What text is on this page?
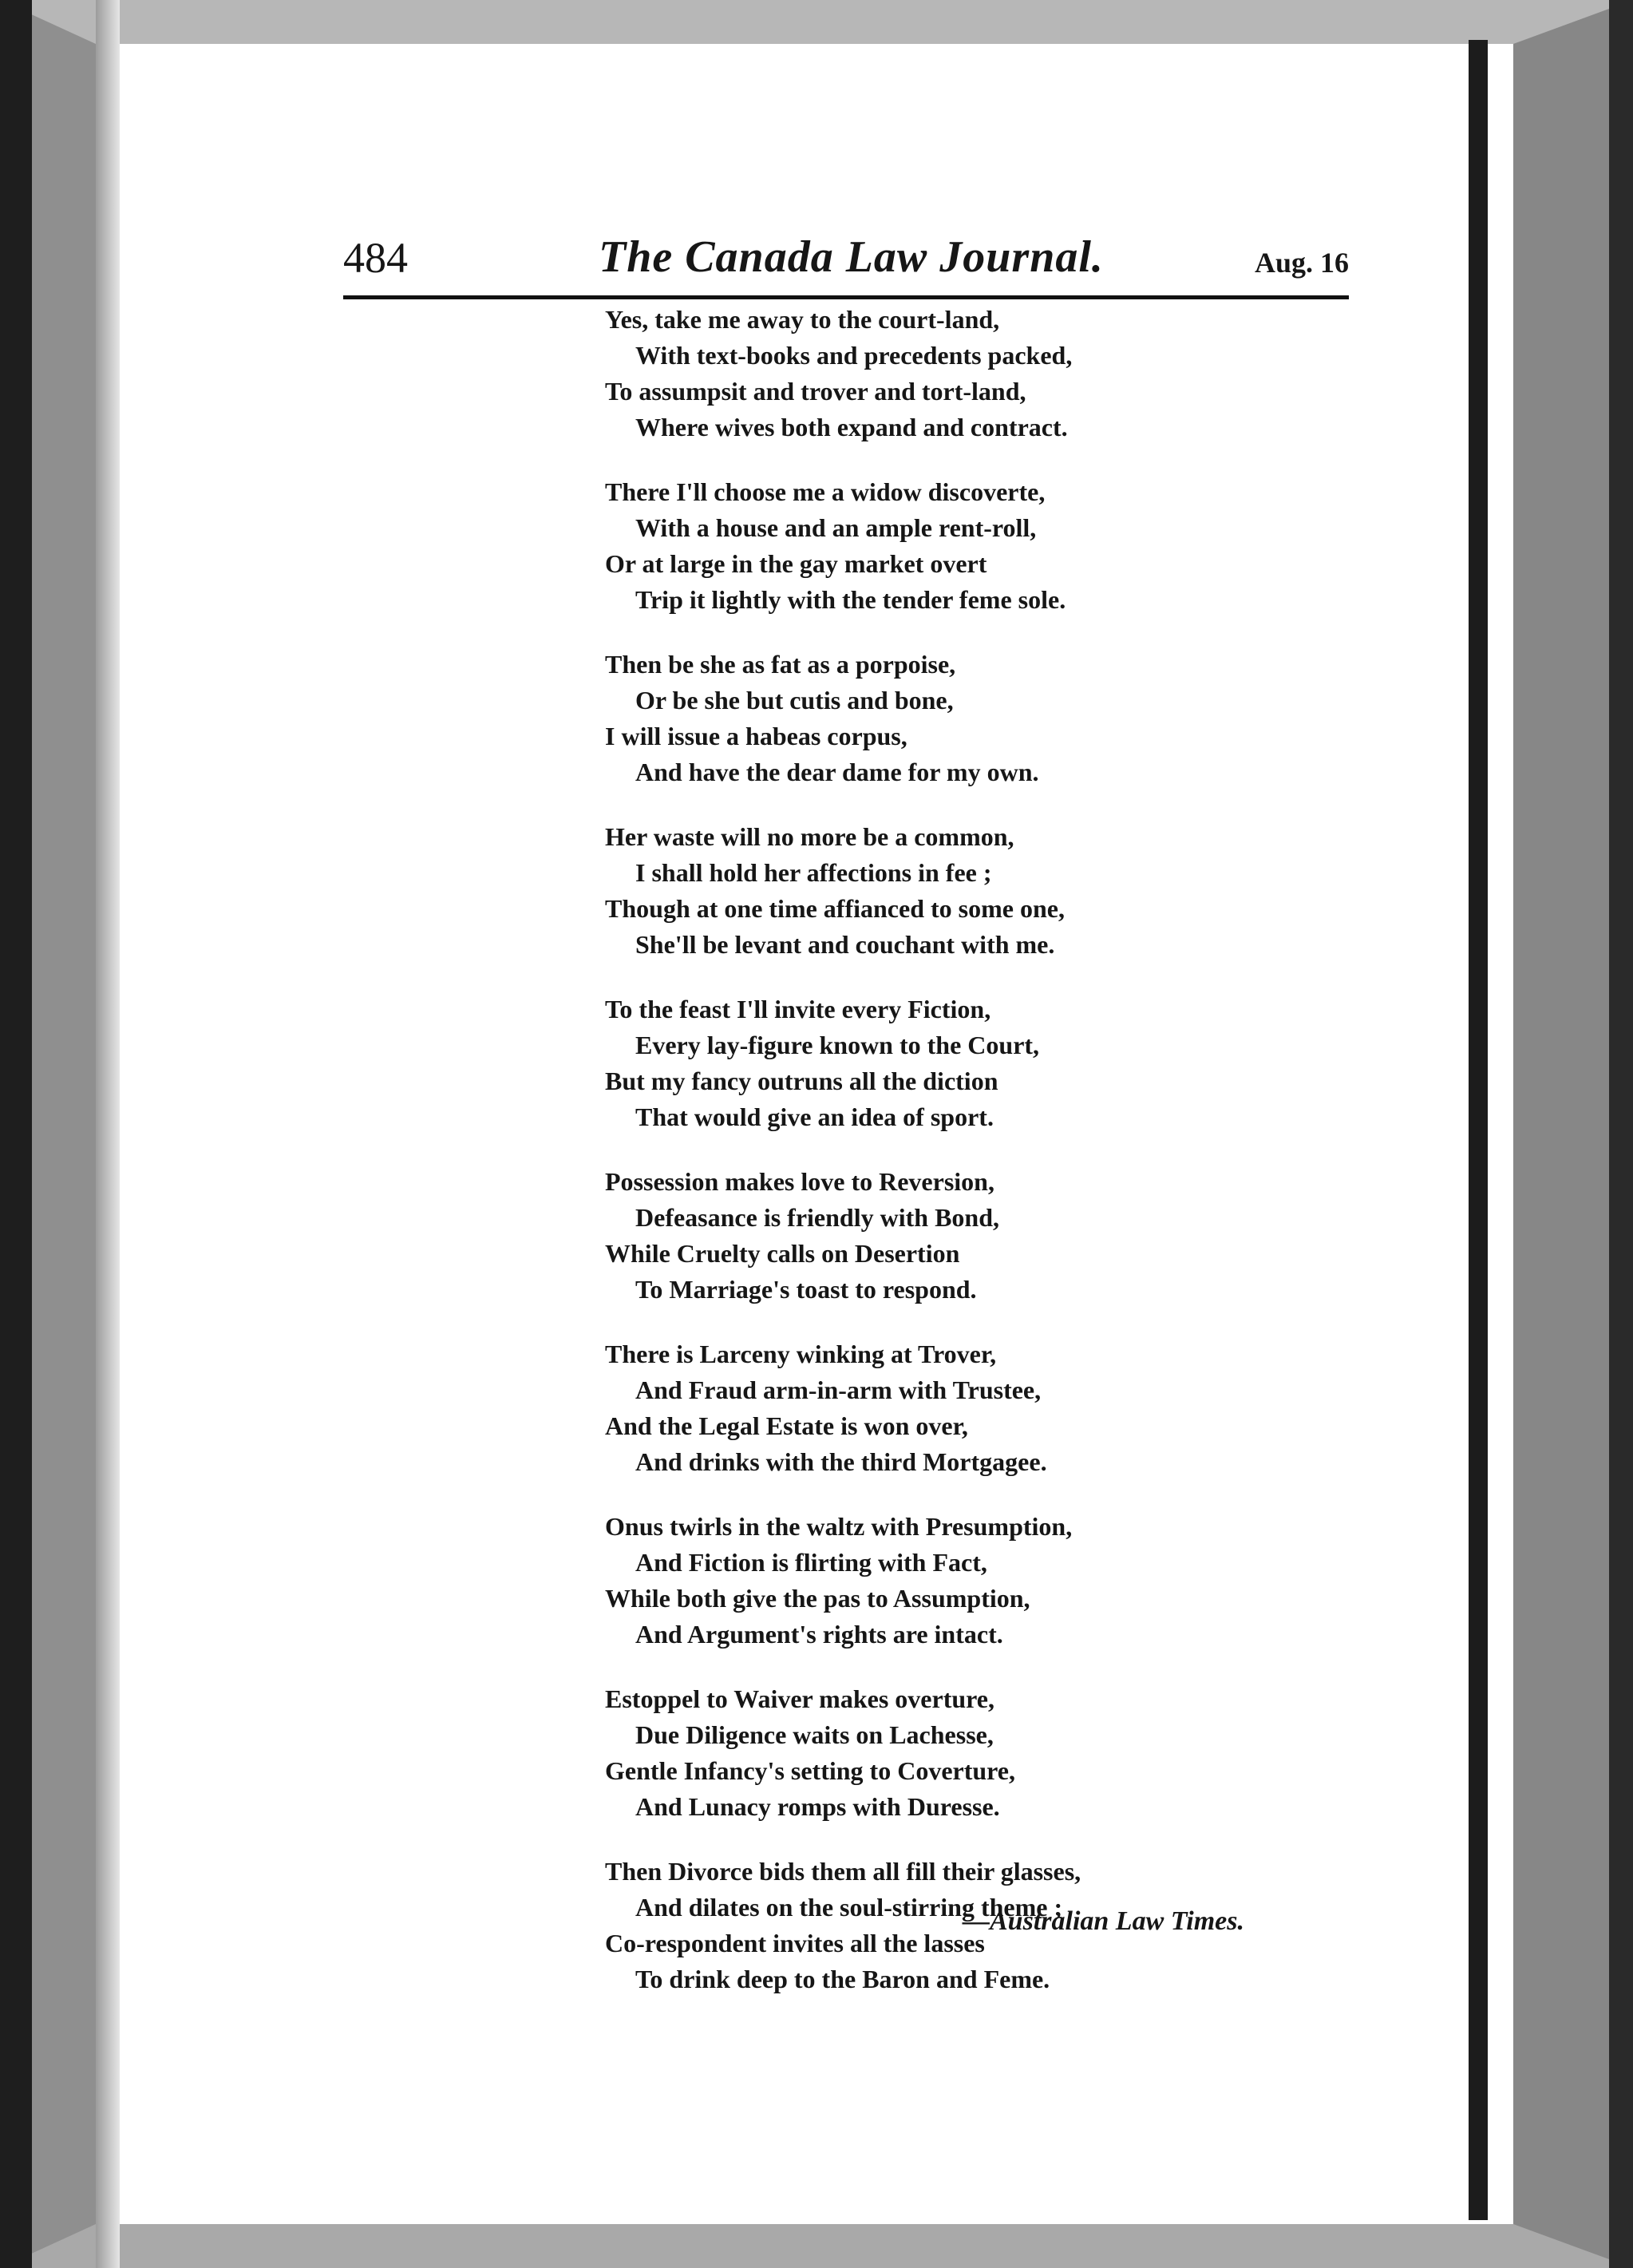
484	The Canada Law Journal.	Aug. 16
Yes, take me away to the court-land,
With text-books and precedents packed,
To assumpsit and trover and tort-land,
Where wives both expand and contract.
There I'll choose me a widow discoverte,
With a house and an ample rent-roll,
Or at large in the gay market overt
Trip it lightly with the tender feme sole.
Then be she as fat as a porpoise,
Or be she but cutis and bone,
I will issue a habeas corpus,
And have the dear dame for my own.
Her waste will no more be a common,
I shall hold her affections in fee ;
Though at one time affianced to some one,
She'll be levant and couchant with me.
To the feast I'll invite every Fiction,
Every lay-figure known to the Court,
But my fancy outruns all the diction
That would give an idea of sport.
Possession makes love to Reversion,
Defeasance is friendly with Bond,
While Cruelty calls on Desertion
To Marriage's toast to respond.
There is Larceny winking at Trover,
And Fraud arm-in-arm with Trustee,
And the Legal Estate is won over,
And drinks with the third Mortgagee.
Onus twirls in the waltz with Presumption,
And Fiction is flirting with Fact,
While both give the pas to Assumption,
And Argument's rights are intact.
Estoppel to Waiver makes overture,
Due Diligence waits on Lachesse,
Gentle Infancy's setting to Coverture,
And Lunacy romps with Duresse.
Then Divorce bids them all fill their glasses,
And dilates on the soul-stirring theme ;
Co-respondent invites all the lasses
To drink deep to the Baron and Feme.
—Australian Law Times.
